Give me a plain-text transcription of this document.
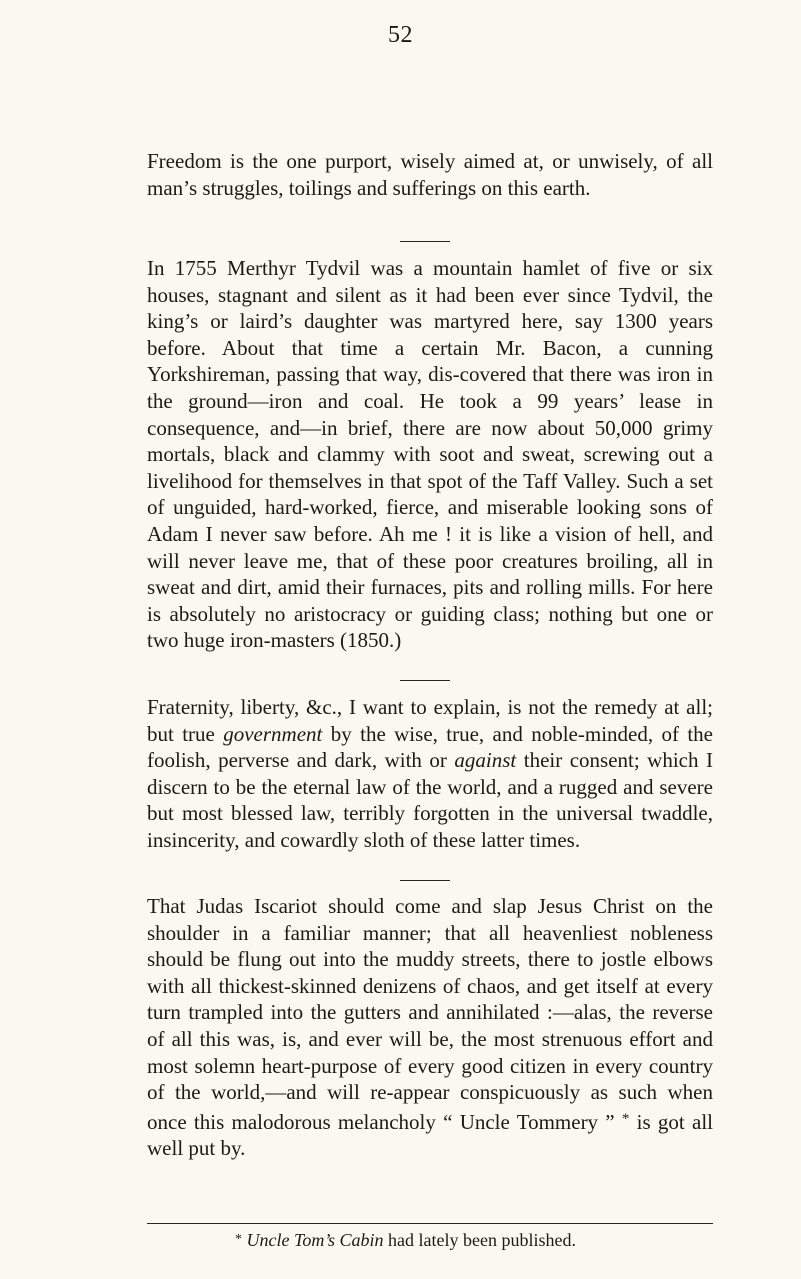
52

Freedom is the one purport, wisely aimed at, or unwisely, of all man’s struggles, toilings and sufferings on this earth.

In 1755 Merthyr Tydvil was a mountain hamlet of five or six houses, stagnant and silent as it had been ever since Tydvil, the king’s or laird’s daughter was martyred here, say 1300 years before. About that time a certain Mr. Bacon, a cunning Yorkshireman, passing that way, dis-covered that there was iron in the ground—iron and coal. He took a 99 years’ lease in consequence, and—in brief, there are now about 50,000 grimy mortals, black and clammy with soot and sweat, screwing out a livelihood for themselves in that spot of the Taff Valley. Such a set of unguided, hard-worked, fierce, and miserable looking sons of Adam I never saw before. Ah me ! it is like a vision of hell, and will never leave me, that of these poor creatures broiling, all in sweat and dirt, amid their furnaces, pits and rolling mills. For here is absolutely no aristocracy or guiding class; nothing but one or two huge iron-masters (1850.)

Fraternity, liberty, &c., I want to explain, is not the remedy at all; but true government by the wise, true, and noble-minded, of the foolish, perverse and dark, with or against their consent; which I discern to be the eternal law of the world, and a rugged and severe but most blessed law, terribly forgotten in the universal twaddle, insincerity, and cowardly sloth of these latter times.

That Judas Iscariot should come and slap Jesus Christ on the shoulder in a familiar manner; that all heavenliest nobleness should be flung out into the muddy streets, there to jostle elbows with all thickest-skinned denizens of chaos, and get itself at every turn trampled into the gutters and annihilated :—alas, the reverse of all this was, is, and ever will be, the most strenuous effort and most solemn heart-purpose of every good citizen in every country of the world,—and will re-appear conspicuously as such when once this malodorous melancholy “ Uncle Tommery ” * is got all well put by.

* Uncle Tom’s Cabin had lately been published.
